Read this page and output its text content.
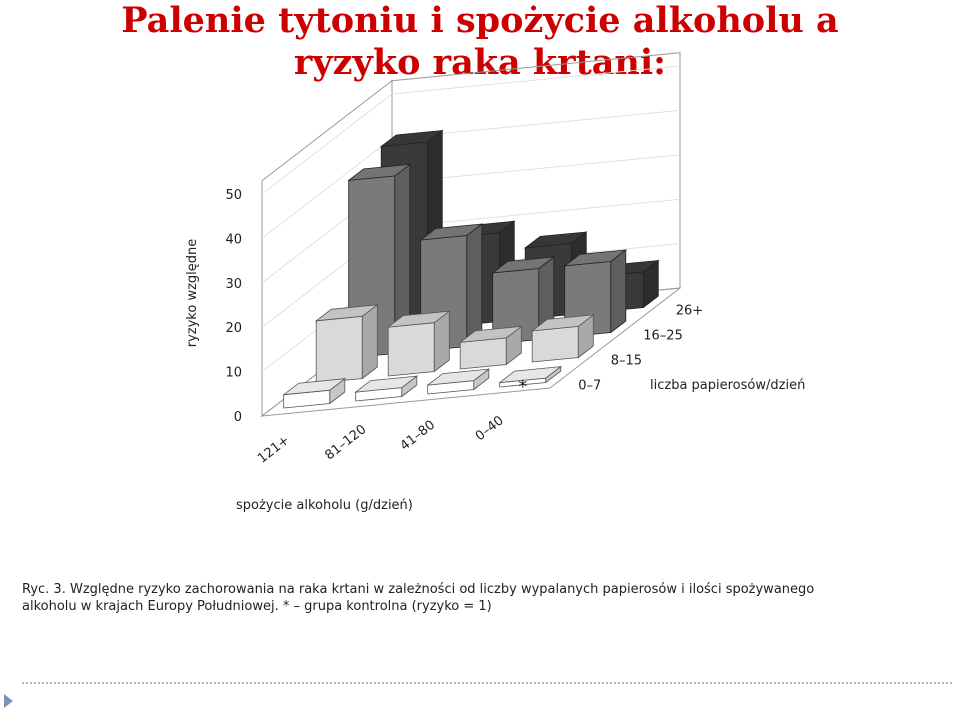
Palenie tytoniu i spożycie alkoholu a
ryzyko raka krtani:
0
10
20
30
40
50
*
121+ 81–120 41–80	0–40
0–7
8–15
16–25
26+
ryzyko względne
spożycie alkoholu (g/dzień)
liczba papierosów/dzień
Ryc. 3. Względne ryzyko zachorowania na raka krtani w zależności od liczby wypalanych papierosów i ilości spożywanego
alkoholu w krajach Europy Południowej. * – grupa kontrolna (ryzyko = 1)
